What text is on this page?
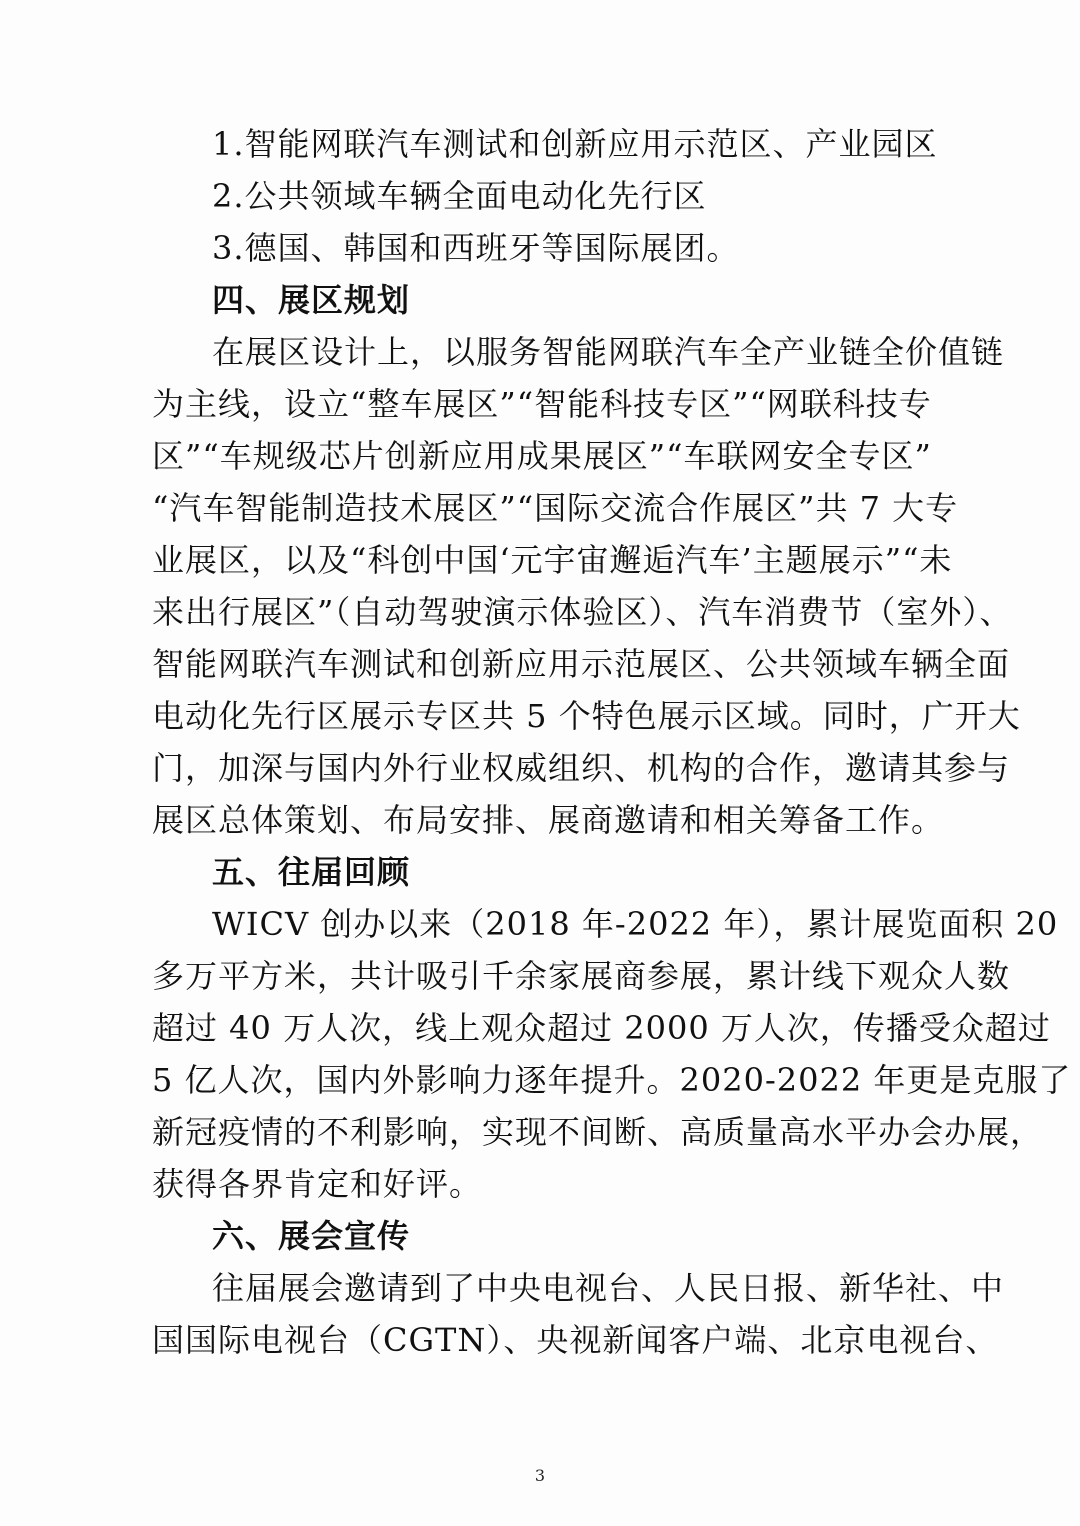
1.智能网联汽车测试和创新应用示范区、产业园区
2.公共领域车辆全面电动化先行区
3.德国、韩国和西班牙等国际展团。
四、展区规划
在展区设计上，以服务智能网联汽车全产业链全价值链
为主线，设立“整车展区”“智能科技专区”“网联科技专
区”“车规级芯片创新应用成果展区”“车联网安全专区”
“汽车智能制造技术展区”“国际交流合作展区”共 7 大专
业展区，以及“科创中国‘元宇宙邂逅汽车’主题展示”“未
来出行展区”（自动驾驶演示体验区）、汽车消费节（室外）、
智能网联汽车测试和创新应用示范展区、公共领域车辆全面
电动化先行区展示专区共 5 个特色展示区域。同时，广开大
门，加深与国内外行业权威组织、机构的合作，邀请其参与
展区总体策划、布局安排、展商邀请和相关筹备工作。
五、往届回顾
WICV 创办以来（2018 年-2022 年），累计展览面积 20
多万平方米，共计吸引千余家展商参展，累计线下观众人数
超过 40 万人次，线上观众超过 2000 万人次，传播受众超过
5 亿人次，国内外影响力逐年提升。2020-2022 年更是克服了
新冠疫情的不利影响，实现不间断、高质量高水平办会办展，
获得各界肯定和好评。
六、展会宣传
往届展会邀请到了中央电视台、人民日报、新华社、中
国国际电视台（CGTN）、央视新闻客户端、北京电视台、
3
